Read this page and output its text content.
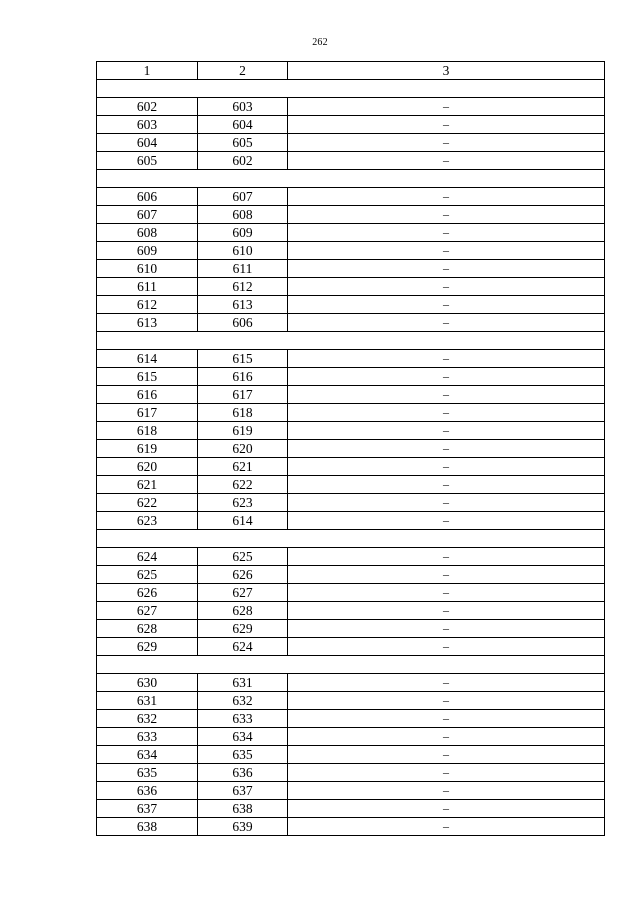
262
1	2	3

602	603	–
603	604	–
604	605	–
605	602	–

606	607	–
607	608	–
608	609	–
609	610	–
610	611	–
611	612	–
612	613	–
613	606	–

614	615	–
615	616	–
616	617	–
617	618	–
618	619	–
619	620	–
620	621	–
621	622	–
622	623	–
623	614	–

624	625	–
625	626	–
626	627	–
627	628	–
628	629	–
629	624	–

630	631	–
631	632	–
632	633	–
633	634	–
634	635	–
635	636	–
636	637	–
637	638	–
638	639	–
